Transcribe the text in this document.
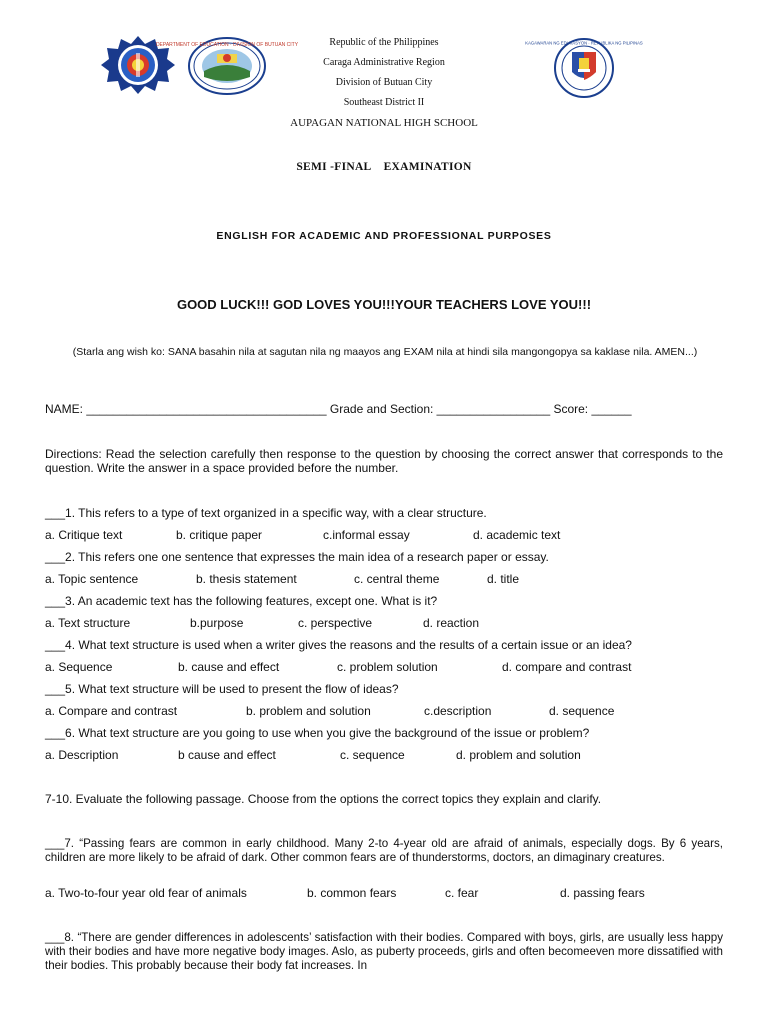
DEPARTMENT OF EDUCATION · DIVISION OF BUTUAN CITY	KAGAWARAN NG EDUKASYON · REPUBLIKA NG PILIPINAS
Republic of the Philippines
Caraga Administrative Region
Division of Butuan City
Southeast District II
AUPAGAN NATIONAL HIGH SCHOOL
SEMI -FINAL    EXAMINATION
ENGLISH FOR ACADEMIC AND PROFESSIONAL PURPOSES
GOOD LUCK!!! GOD LOVES YOU!!!YOUR TEACHERS LOVE YOU!!!
(Starla ang wish ko: SANA basahin nila at sagutan nila ng maayos ang EXAM nila at hindi sila mangongopya sa kaklase nila. AMEN...)
NAME: ____________________________________ Grade and Section: _________________ Score: ______
Directions: Read the selection carefully then response to the question by choosing the correct answer that corresponds to the question. Write the answer in a space provided before the number.
___1. This refers to a type of text organized in a specific way, with a clear structure.
a. Critique text	b. critique paper	c.informal essay	d. academic text
___2. This refers one one sentence that expresses the main idea of a research paper or essay.
a. Topic sentence	b. thesis statement	c. central theme	d. title
___3. An academic text has the following features, except one. What is it?
a. Text structure	b.purpose	c. perspective	d. reaction
___4. What text structure is used when a writer gives the reasons and the results of a certain issue or an idea?
a. Sequence	b. cause and effect	c. problem solution	d. compare and contrast
___5. What text structure will be used to present the flow of ideas?
a. Compare and contrast	b. problem and solution	c.description	d. sequence
___6. What text structure are you going to use when you give the background of the issue or problem?
a. Description	b cause and effect	c. sequence	d. problem and solution
7-10. Evaluate the following passage. Choose from the options the correct topics they explain and clarify.
___7. “Passing fears are common in early childhood. Many 2-to 4-year old are afraid of animals, especially dogs. By 6 years, children are more likely to be afraid of dark. Other common fears are of thunderstorms, doctors, an dimaginary creatures.
a. Two-to-four year old fear of animals	b. common fears	c. fear	d. passing fears
___8. “There are gender differences in adolescents’ satisfaction with their bodies. Compared with boys, girls, are usually less happy with their bodies and have more negative body images. Aslo, as puberty proceeds, girls and often becomeeven more dissatified with their bodies. This probably because their body fat increases. In
